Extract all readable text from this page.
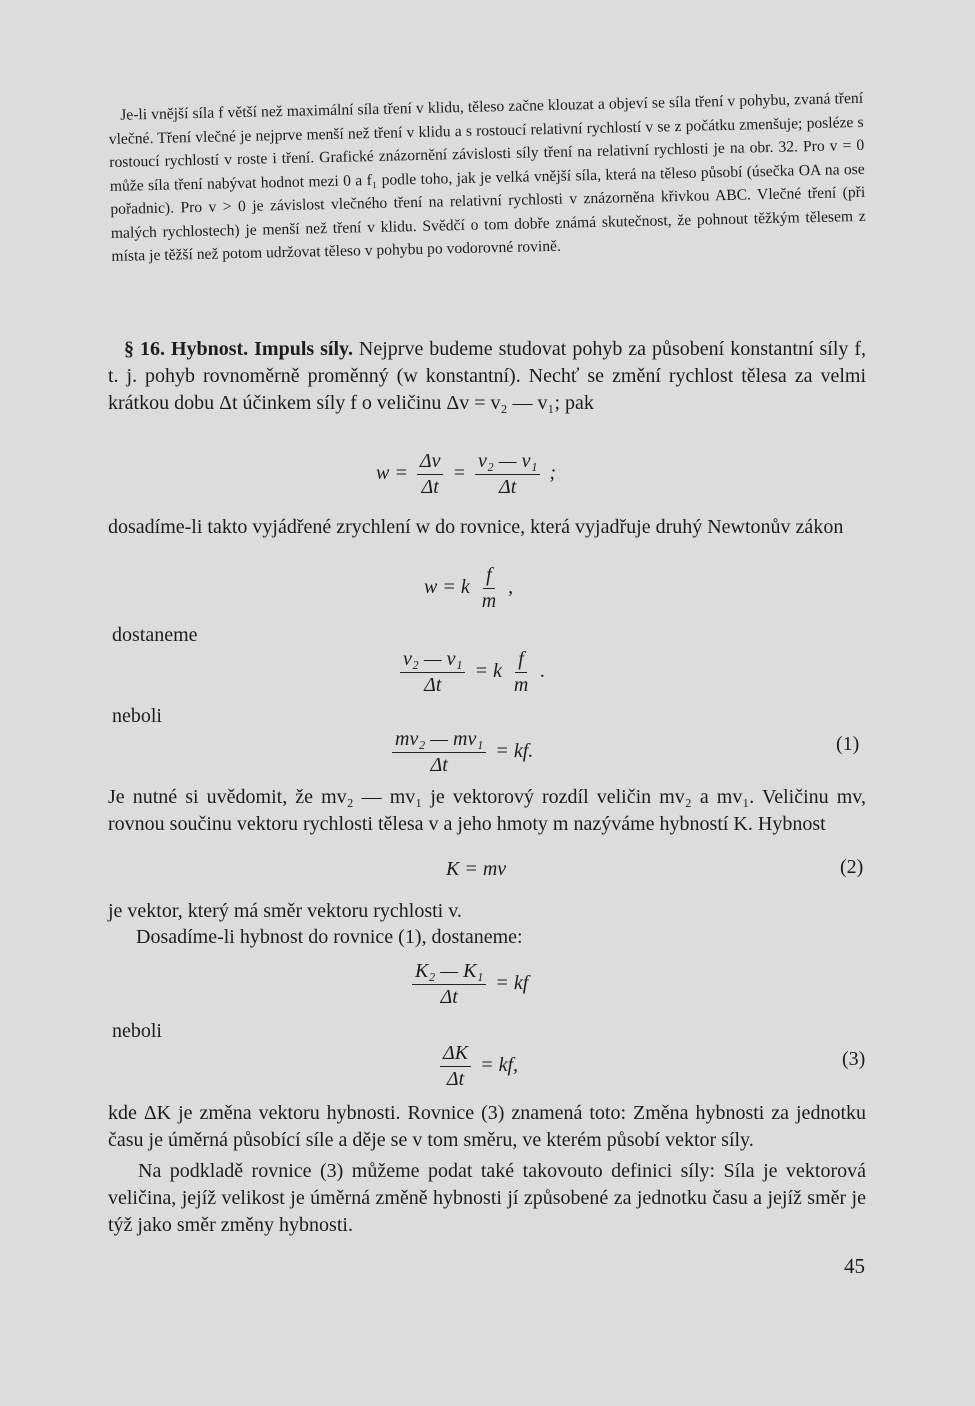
Je-li vnější síla f větší než maximální síla tření v klidu, těleso začne klouzat a objeví se síla tření v pohybu, zvaná tření vlečné. Tření vlečné je nejprve menší než tření v klidu a s rostoucí relativní rychlostí v se z počátku zmenšuje; posléze s rostoucí rychlostí v roste i tření. Grafické znázornění závislosti síly tření na relativní rychlosti je na obr. 32. Pro v = 0 může síla tření nabývat hodnot mezi 0 a f₁ podle toho, jak je velká vnější síla, která na těleso působí (úsečka OA na ose pořadnic). Pro v > 0 je závislost vlečného tření na relativní rychlosti v znázorněna křivkou ABC. Vlečné tření (při malých rychlostech) je menší než tření v klidu. Svědčí o tom dobře známá skutečnost, že pohnout těžkým tělesem z místa je těžší než potom udržovat těleso v pohybu po vodorovné rovině.

§ 16. Hybnost. Impuls síly. Nejprve budeme studovat pohyb za působení konstantní síly f, t. j. pohyb rovnoměrně proměnný (w konstantní). Nechť se změní rychlost tělesa za velmi krátkou dobu Δt účinkem síly f o veličinu Δv = v₂ — v₁; pak

$w = \frac{\Delta v}{\Delta t} = \frac{\text{v₂ — v₁}}{\Delta t}$ ;

dosadíme-li takto vyjádřené zrychlení w do rovnice, která vyjadřuje druhý Newtonův zákon

w = k $\frac{f}{m}$ ,
dostaneme
$\frac{\text{v₂ — v₁}}{\Delta t} = k \frac{f}{m}$ .
neboli
$\frac{\text{mv₂ — mv₁}}{\Delta t}$ = kf.	(1)

Je nutné si uvědomit, že mv₂ — mv₁ je vektorový rozdíl veličin mv₂ a mv₁. Veličinu mv, rovnou součinu vektoru rychlosti tělesa v a jeho hmoty m nazýváme hybností K. Hybnost

K = mv	(2)

je vektor, který má směr vektoru rychlosti v.

Dosadíme-li hybnost do rovnice (1), dostaneme:

$\frac{\text{K₂ — K₁}}{\Delta t}$ = kf
neboli
$\frac{\Delta K}{\Delta t}$ = kf,	(3)

kde ΔK je změna vektoru hybnosti. Rovnice (3) znamená toto: Změna hybnosti za jednotku času je úměrná působící síle a děje se v tom směru, ve kterém působí vektor síly.

Na podkladě rovnice (3) můžeme podat také takovouto definici síly: Síla je vektorová veličina, jejíž velikost je úměrná změně hybnosti jí způsobené za jednotku času a jejíž směr je týž jako směr změny hybnosti.

45
